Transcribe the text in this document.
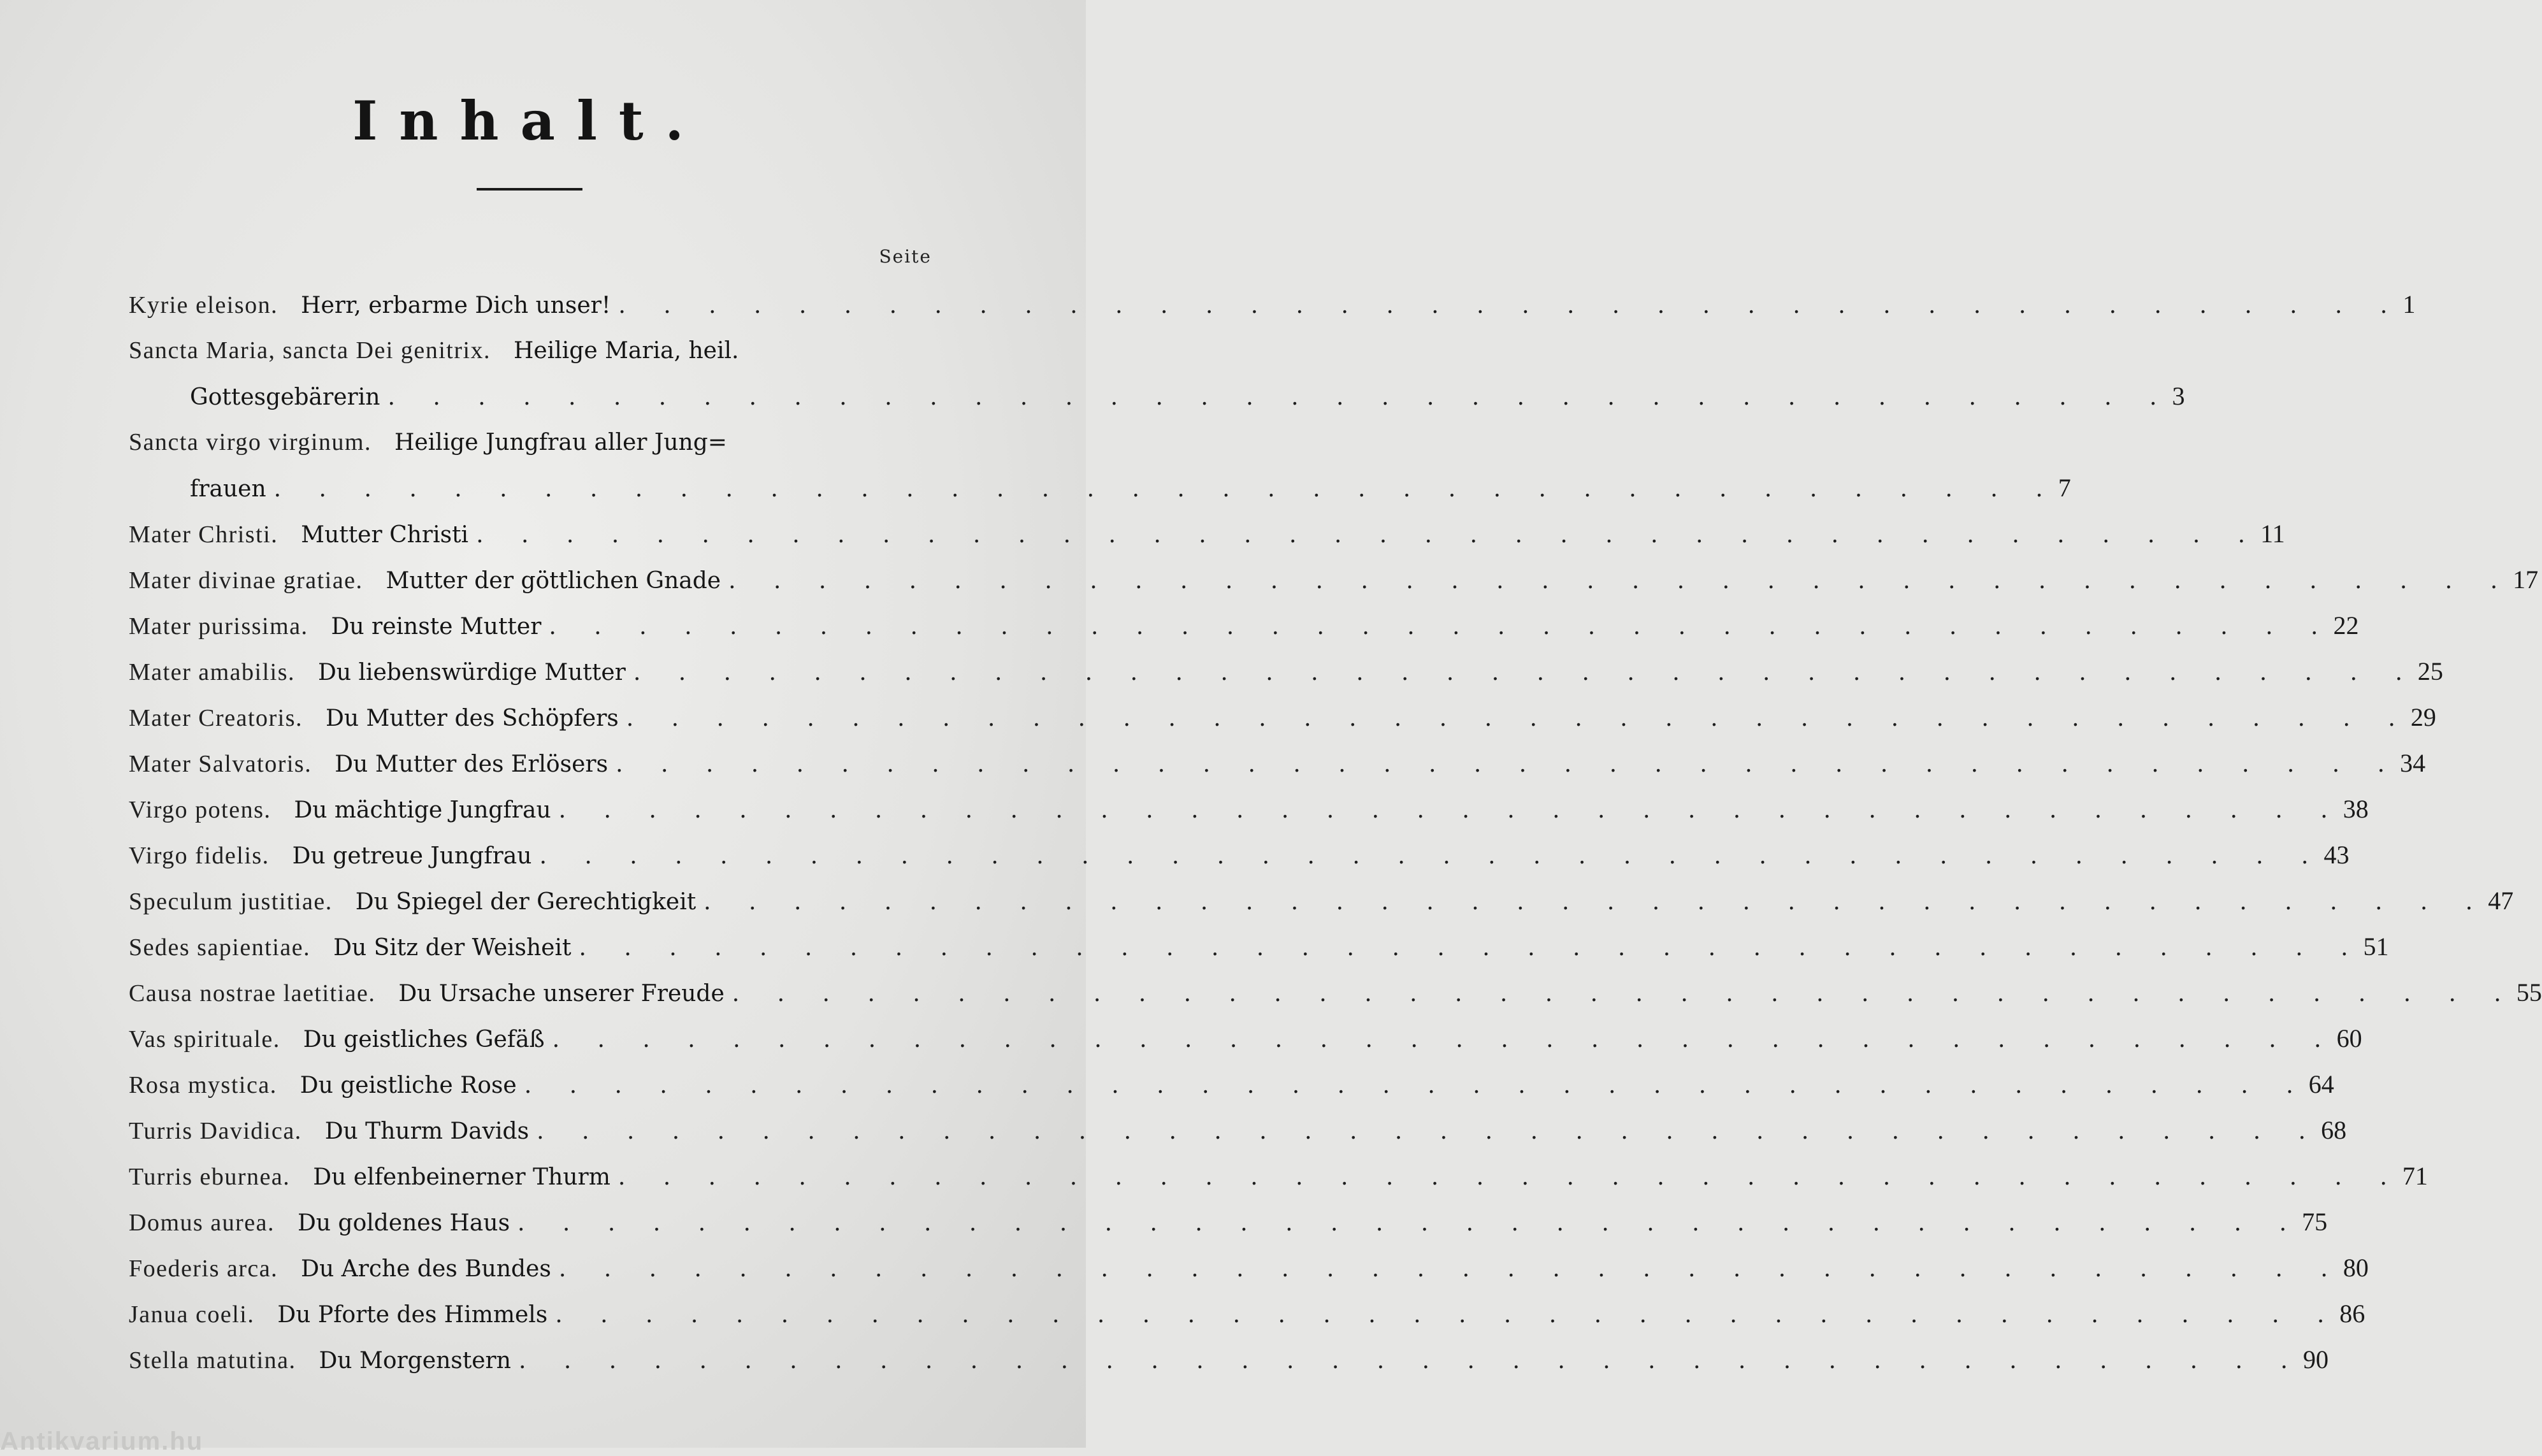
Inhalt.
Seite
Kyrie eleison. Herr, erbarme Dich unser! . . . . . . . . . . . . . . . . . . . . . . . . . . . . . . . . . . . . . . . . 1
Sancta Maria, sancta Dei genitrix. Heilige Maria, heil.
Gottesgebärerin . . . . . . . . . . . . . . . . . . . . . . . . . . . . . . . . . . . . . . . . 3
Sancta virgo virginum. Heilige Jungfrau aller Jung=
frauen . . . . . . . . . . . . . . . . . . . . . . . . . . . . . . . . . . . . . . . . 7
Mater Christi. Mutter Christi . . . . . . . . . . . . . . . . . . . . . . . . . . . . . . . . . . . . . . . . 11
Mater divinae gratiae. Mutter der göttlichen Gnade . . . . . . . . . . . . . . . . . . . . . . . . . . . . . . . . . . . . . . . . 17
Mater purissima. Du reinste Mutter . . . . . . . . . . . . . . . . . . . . . . . . . . . . . . . . . . . . . . . . 22
Mater amabilis. Du liebenswürdige Mutter . . . . . . . . . . . . . . . . . . . . . . . . . . . . . . . . . . . . . . . . 25
Mater Creatoris. Du Mutter des Schöpfers . . . . . . . . . . . . . . . . . . . . . . . . . . . . . . . . . . . . . . . . 29
Mater Salvatoris. Du Mutter des Erlösers . . . . . . . . . . . . . . . . . . . . . . . . . . . . . . . . . . . . . . . . 34
Virgo potens. Du mächtige Jungfrau . . . . . . . . . . . . . . . . . . . . . . . . . . . . . . . . . . . . . . . . 38
Virgo fidelis. Du getreue Jungfrau . . . . . . . . . . . . . . . . . . . . . . . . . . . . . . . . . . . . . . . . 43
Speculum justitiae. Du Spiegel der Gerechtigkeit . . . . . . . . . . . . . . . . . . . . . . . . . . . . . . . . . . . . . . . . 47
Sedes sapientiae. Du Sitz der Weisheit . . . . . . . . . . . . . . . . . . . . . . . . . . . . . . . . . . . . . . . . 51
Causa nostrae laetitiae. Du Ursache unserer Freude . . . . . . . . . . . . . . . . . . . . . . . . . . . . . . . . . . . . . . . . 55
Vas spirituale. Du geistliches Gefäß . . . . . . . . . . . . . . . . . . . . . . . . . . . . . . . . . . . . . . . . 60
Rosa mystica. Du geistliche Rose . . . . . . . . . . . . . . . . . . . . . . . . . . . . . . . . . . . . . . . . 64
Turris Davidica. Du Thurm Davids . . . . . . . . . . . . . . . . . . . . . . . . . . . . . . . . . . . . . . . . 68
Turris eburnea. Du elfenbeinerner Thurm . . . . . . . . . . . . . . . . . . . . . . . . . . . . . . . . . . . . . . . . 71
Domus aurea. Du goldenes Haus . . . . . . . . . . . . . . . . . . . . . . . . . . . . . . . . . . . . . . . . 75
Foederis arca. Du Arche des Bundes . . . . . . . . . . . . . . . . . . . . . . . . . . . . . . . . . . . . . . . . 80
Janua coeli. Du Pforte des Himmels . . . . . . . . . . . . . . . . . . . . . . . . . . . . . . . . . . . . . . . . 86
Stella matutina. Du Morgenstern . . . . . . . . . . . . . . . . . . . . . . . . . . . . . . . . . . . . . . . . 90
Antikvarium.hu
